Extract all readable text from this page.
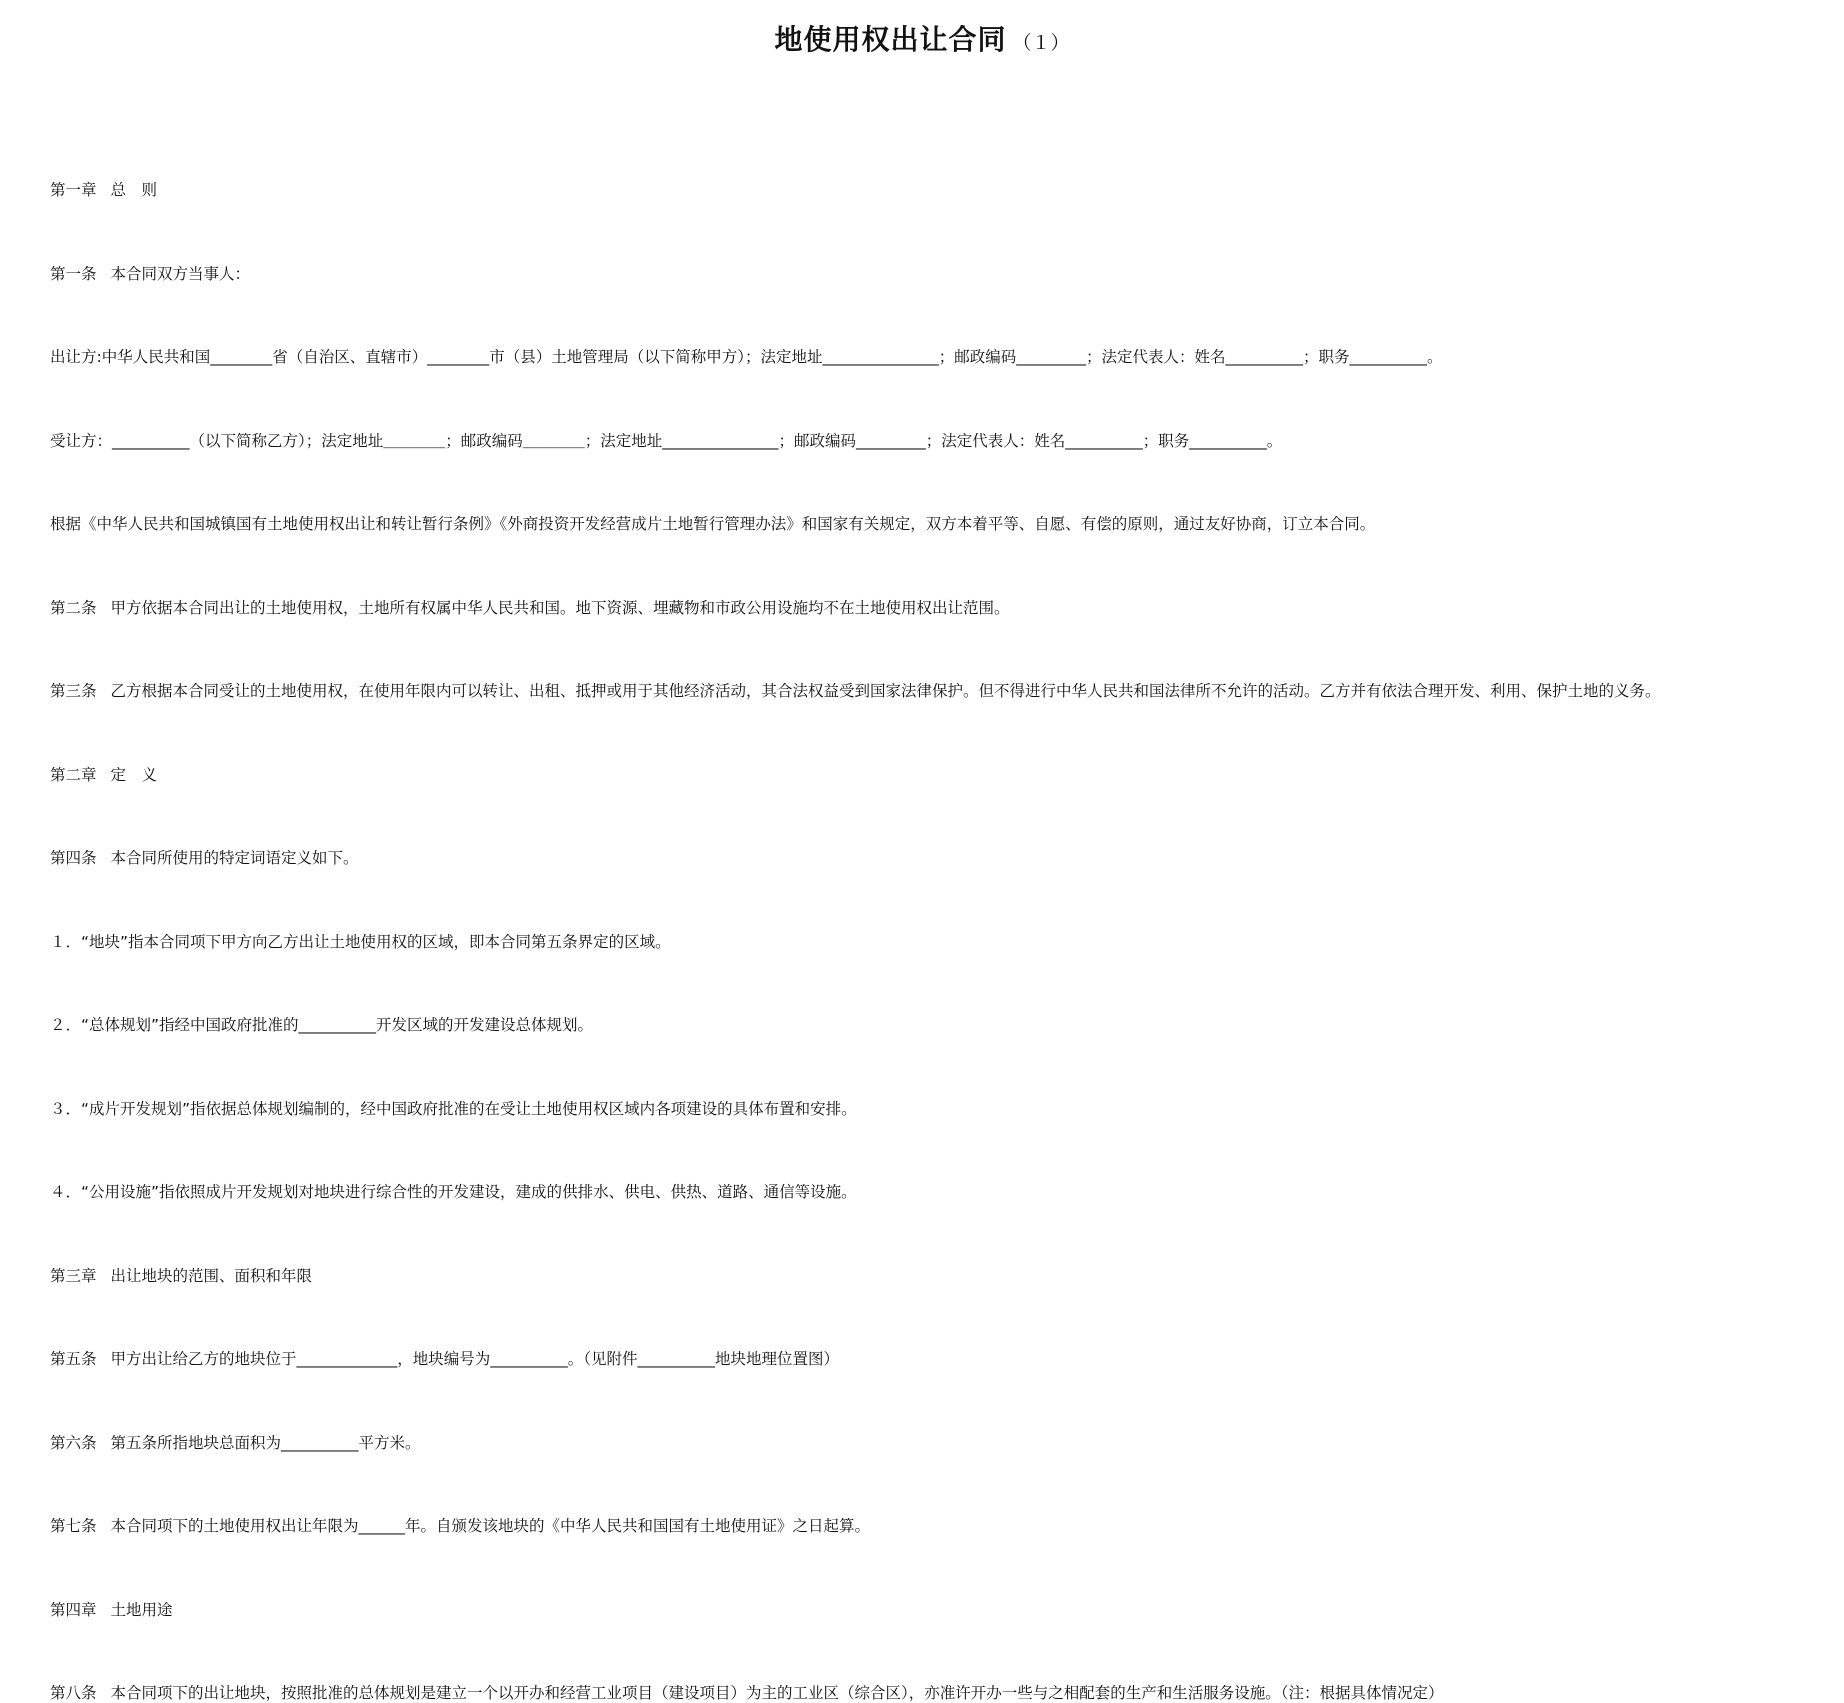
地使用权出让合同 （１）
第一章 总　则
第一条 本合同双方当事人：
出让方:中华人民共和国________省（自治区、直辖市）________市（县）土地管理局（以下简称甲方）；法定地址_______________；邮政编码_________；法定代表人：姓名__________；职务__________。
受让方：__________（以下简称乙方）；法定地址＿＿＿＿；邮政编码＿＿＿＿；法定地址_______________；邮政编码_________；法定代表人：姓名__________；职务__________。
根据《中华人民共和国城镇国有土地使用权出让和转让暂行条例》《外商投资开发经营成片土地暂行管理办法》和国家有关规定，双方本着平等、自愿、有偿的原则，通过友好协商，订立本合同。
第二条 甲方依据本合同出让的土地使用权，土地所有权属中华人民共和国。地下资源、埋藏物和市政公用设施均不在土地使用权出让范围。
第三条 乙方根据本合同受让的土地使用权，在使用年限内可以转让、出租、抵押或用于其他经济活动，其合法权益受到国家法律保护。但不得进行中华人民共和国法律所不允许的活动。乙方并有依法合理开发、利用、保护土地的义务。
第二章 定　义
第四条 本合同所使用的特定词语定义如下。
１．“地块”指本合同项下甲方向乙方出让土地使用权的区域，即本合同第五条界定的区域。
２．“总体规划”指经中国政府批准的__________开发区域的开发建设总体规划。
３．“成片开发规划”指依据总体规划编制的，经中国政府批准的在受让土地使用权区域内各项建设的具体布置和安排。
４．“公用设施”指依照成片开发规划对地块进行综合性的开发建设，建成的供排水、供电、供热、道路、通信等设施。
第三章 出让地块的范围、面积和年限
第五条 甲方出让给乙方的地块位于_____________，地块编号为__________。（见附件__________地块地理位置图）
第六条 第五条所指地块总面积为__________平方米。
第七条 本合同项下的土地使用权出让年限为______年。自颁发该地块的《中华人民共和国国有土地使用证》之日起算。
第四章 土地用途
第八条 本合同项下的出让地块，按照批准的总体规划是建立一个以开办和经营工业项目（建设项目）为主的工业区（综合区），亦准许开办一些与之相配套的生产和生活服务设施。（注：根据具体情况定）
